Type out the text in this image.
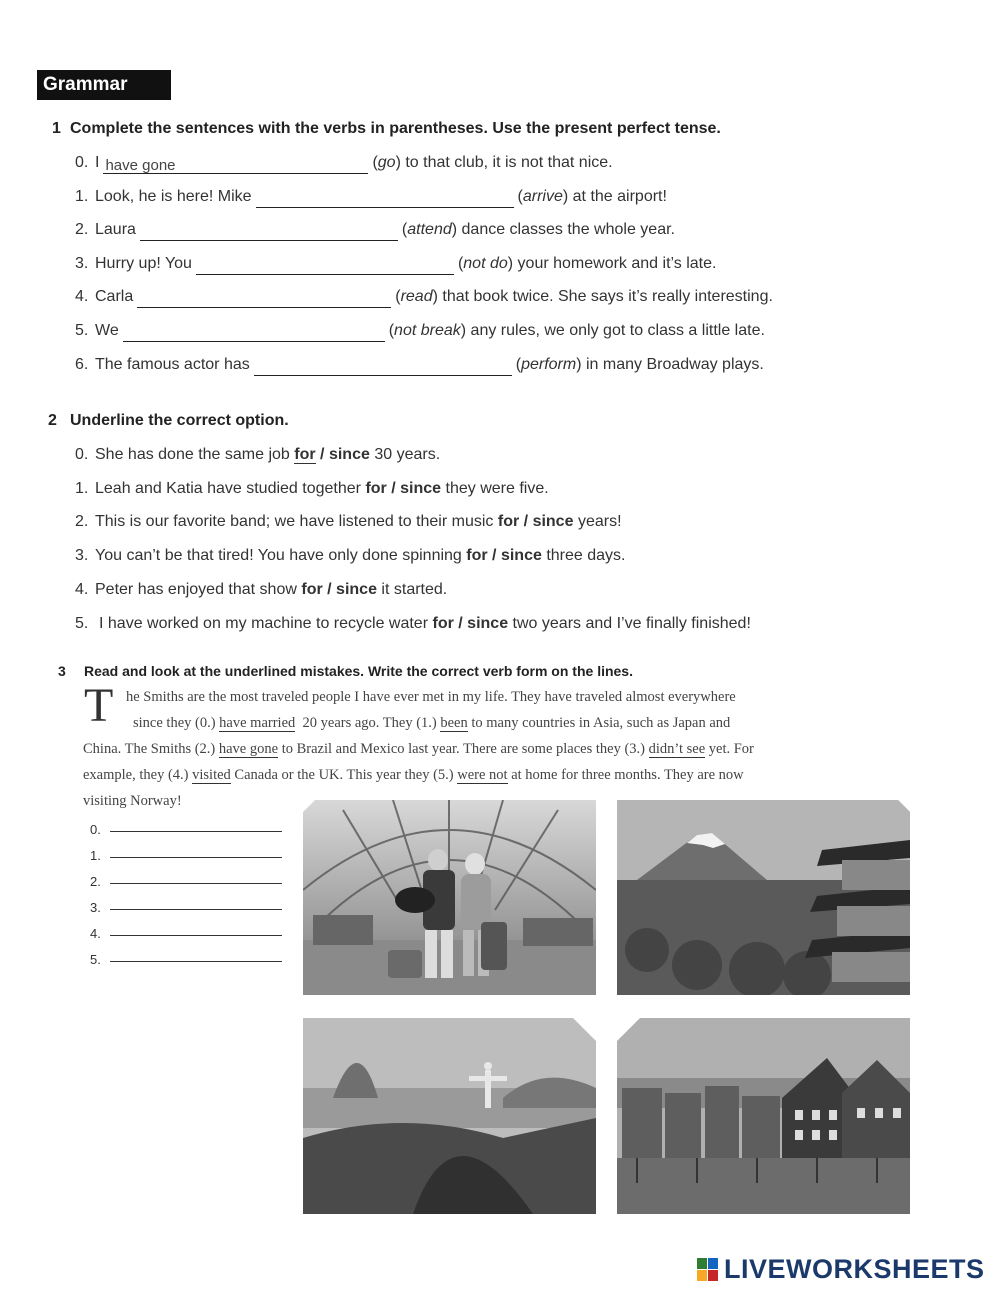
Grammar
1 Complete the sentences with the verbs in parentheses. Use the present perfect tense.
0. I have gone	(go) to that club, it is not that nice.
1. Look, he is here! Mike	(arrive) at the airport!
2. Laura	(attend) dance classes the whole year.
3. Hurry up! You	(not do) your homework and it’s late.
4. Carla	(read) that book twice. She says it’s really interesting.
5. We	(not break) any rules, we only got to class a little late.
6. The famous actor has	(perform) in many Broadway plays.
2 Underline the correct option.
0. She has done the same job for / since 30 years.
1. Leah and Katia have studied together for / since they were five.
2. This is our favorite band; we have listened to their music for / since years!
3. You can’t be that tired! You have only done spinning for / since three days.
4. Peter has enjoyed that show for / since it started.
5. I have worked on my machine to recycle water for / since two years and I’ve finally finished!
3 Read and look at the underlined mistakes. Write the correct verb form on the lines.
T he Smiths are the most traveled people I have ever met in my life. They have traveled almost everywhere
since they (0.) have married 20 years ago. They (1.) been to many countries in Asia, such as Japan and
China. The Smiths (2.) have gone to Brazil and Mexico last year. There are some places they (3.) didn’t see yet. For
example, they (4.) visited Canada or the UK. This year they (5.) were not at home for three months. They are now
visiting Norway!
0.
1.
2.
3.
4.
5.
LIVEWORKSHEETS
